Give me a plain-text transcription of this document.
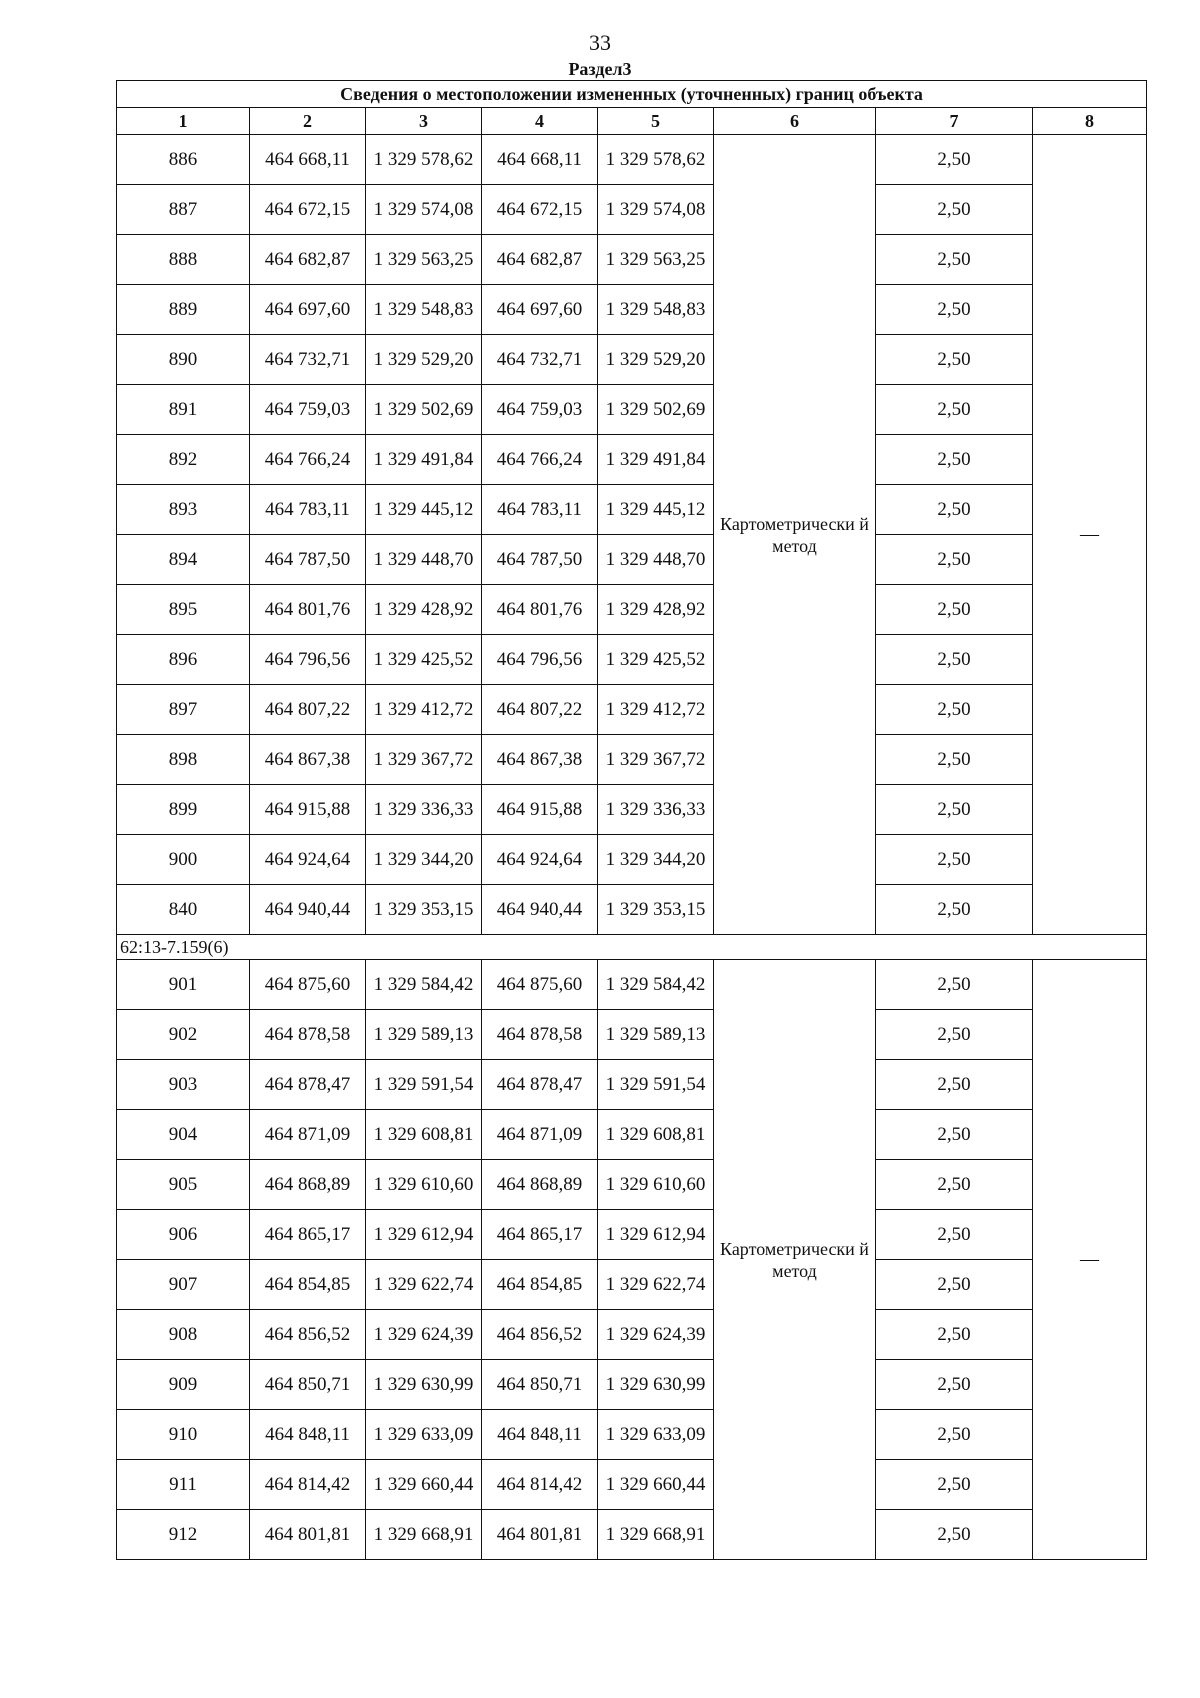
33
Раздел3
Сведения о местоположении измененных (уточненных) границ объекта							
1	2	3	4	5	6	7	8
886	464 668,11	1 329 578,62	464 668,11	1 329 578,62	Картометрически й метод	2,50	—
887	464 672,15	1 329 574,08	464 672,15	1 329 574,08		2,50	
888	464 682,87	1 329 563,25	464 682,87	1 329 563,25		2,50	
889	464 697,60	1 329 548,83	464 697,60	1 329 548,83		2,50	
890	464 732,71	1 329 529,20	464 732,71	1 329 529,20		2,50	
891	464 759,03	1 329 502,69	464 759,03	1 329 502,69		2,50	
892	464 766,24	1 329 491,84	464 766,24	1 329 491,84		2,50	
893	464 783,11	1 329 445,12	464 783,11	1 329 445,12		2,50	
894	464 787,50	1 329 448,70	464 787,50	1 329 448,70		2,50	
895	464 801,76	1 329 428,92	464 801,76	1 329 428,92		2,50	
896	464 796,56	1 329 425,52	464 796,56	1 329 425,52		2,50	
897	464 807,22	1 329 412,72	464 807,22	1 329 412,72		2,50	
898	464 867,38	1 329 367,72	464 867,38	1 329 367,72		2,50	
899	464 915,88	1 329 336,33	464 915,88	1 329 336,33		2,50	
900	464 924,64	1 329 344,20	464 924,64	1 329 344,20		2,50	
840	464 940,44	1 329 353,15	464 940,44	1 329 353,15		2,50	
62:13-7.159(6)							
901	464 875,60	1 329 584,42	464 875,60	1 329 584,42	Картометрически й метод	2,50	—
902	464 878,58	1 329 589,13	464 878,58	1 329 589,13		2,50	
903	464 878,47	1 329 591,54	464 878,47	1 329 591,54		2,50	
904	464 871,09	1 329 608,81	464 871,09	1 329 608,81		2,50	
905	464 868,89	1 329 610,60	464 868,89	1 329 610,60		2,50	
906	464 865,17	1 329 612,94	464 865,17	1 329 612,94		2,50	
907	464 854,85	1 329 622,74	464 854,85	1 329 622,74		2,50	
908	464 856,52	1 329 624,39	464 856,52	1 329 624,39		2,50	
909	464 850,71	1 329 630,99	464 850,71	1 329 630,99		2,50	
910	464 848,11	1 329 633,09	464 848,11	1 329 633,09		2,50	
911	464 814,42	1 329 660,44	464 814,42	1 329 660,44		2,50	
912	464 801,81	1 329 668,91	464 801,81	1 329 668,91		2,50	
